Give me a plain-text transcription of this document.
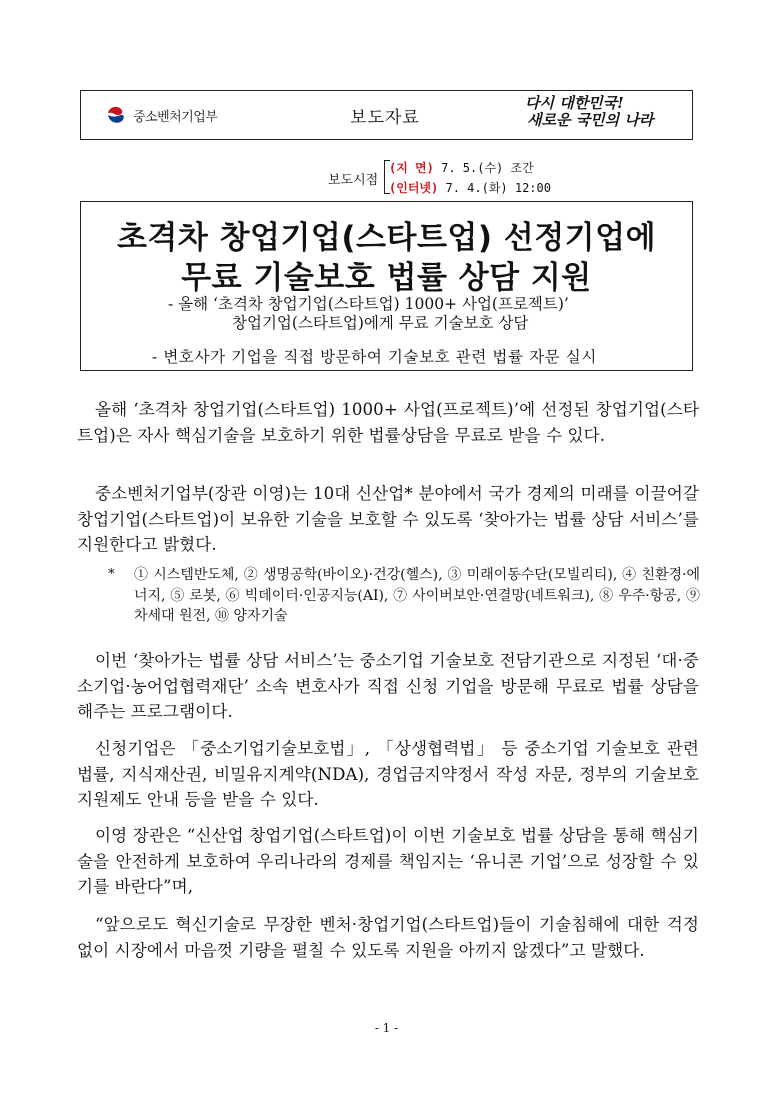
중소벤처기업부	보도자료
다시 대한민국!
새로운 국민의 나라
보도시점
(지 면) 7. 5.(수) 조간
(인터넷) 7. 4.(화) 12:00
초격차 창업기업(스타트업) 선정기업에
무료 기술보호 법률 상담 지원
- 올해 ‘초격차 창업기업(스타트업) 1000+ 사업(프로젝트)’
창업기업(스타트업)에게 무료 기술보호 상담
- 변호사가 기업을 직접 방문하여 기술보호 관련 법률 자문 실시
올해 ‘초격차 창업기업(스타트업) 1000+ 사업(프로젝트)’에 선정된 창업기업(스타트업)은 자사 핵심기술을 보호하기 위한 법률상담을 무료로 받을 수 있다.
중소벤처기업부(장관 이영)는 10대 신산업* 분야에서 국가 경제의 미래를 이끌어갈 창업기업(스타트업)이 보유한 기술을 보호할 수 있도록 ‘찾아가는 법률 상담 서비스’를 지원한다고 밝혔다.
* ① 시스템반도체, ② 생명공학(바이오)·건강(헬스), ③ 미래이동수단(모빌리티), ④ 친환경·에너지, ⑤ 로봇, ⑥ 빅데이터·인공지능(AI), ⑦ 사이버보안·연결망(네트워크), ⑧ 우주·항공, ⑨ 차세대 원전, ⑩ 양자기술
이번 ‘찾아가는 법률 상담 서비스’는 중소기업 기술보호 전담기관으로 지정된 ‘대·중소기업·농어업협력재단’ 소속 변호사가 직접 신청 기업을 방문해 무료로 법률 상담을 해주는 프로그램이다.
신청기업은 「중소기업기술보호법」, 「상생협력법」 등 중소기업 기술보호 관련 법률, 지식재산권, 비밀유지계약(NDA), 경업금지약정서 작성 자문, 정부의 기술보호 지원제도 안내 등을 받을 수 있다.
이영 장관은 “신산업 창업기업(스타트업)이 이번 기술보호 법률 상담을 통해 핵심기술을 안전하게 보호하여 우리나라의 경제를 책임지는 ‘유니콘 기업’으로 성장할 수 있기를 바란다”며,
“앞으로도 혁신기술로 무장한 벤처·창업기업(스타트업)들이 기술침해에 대한 걱정없이 시장에서 마음껏 기량을 펼칠 수 있도록 지원을 아끼지 않겠다”고 말했다.
- 1 -
